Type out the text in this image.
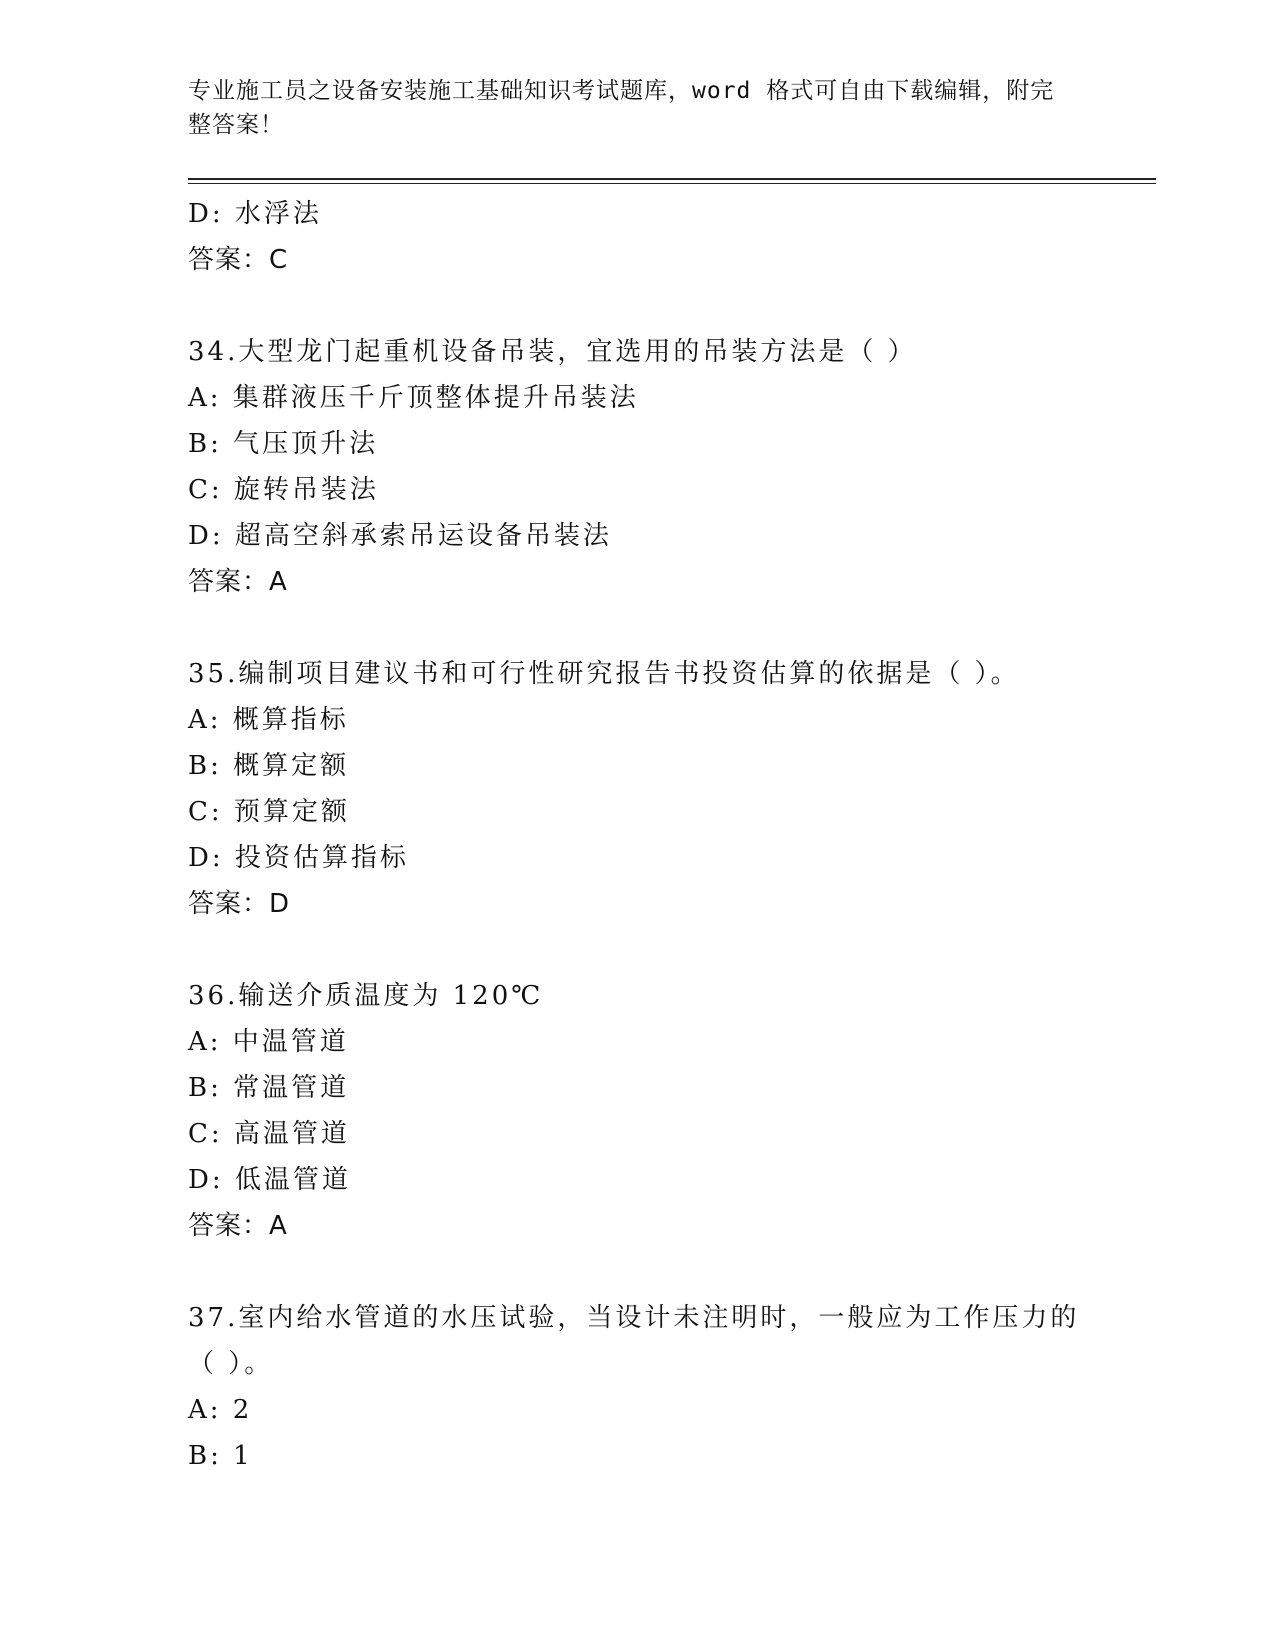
专业施工员之设备安装施工基础知识考试题库，word 格式可自由下载编辑，附完整答案！
D: 水浮法
答案：C
34.大型龙门起重机设备吊装，宜选用的吊装方法是（ ）
A: 集群液压千斤顶整体提升吊装法
B: 气压顶升法
C: 旋转吊装法
D: 超高空斜承索吊运设备吊装法
答案：A
35.编制项目建议书和可行性研究报告书投资估算的依据是（ ）。
A: 概算指标
B: 概算定额
C: 预算定额
D: 投资估算指标
答案：D
36.输送介质温度为 120℃
A: 中温管道
B: 常温管道
C: 高温管道
D: 低温管道
答案：A
37.室内给水管道的水压试验，当设计未注明时，一般应为工作压力的
（ ）。
A: 2
B: 1
